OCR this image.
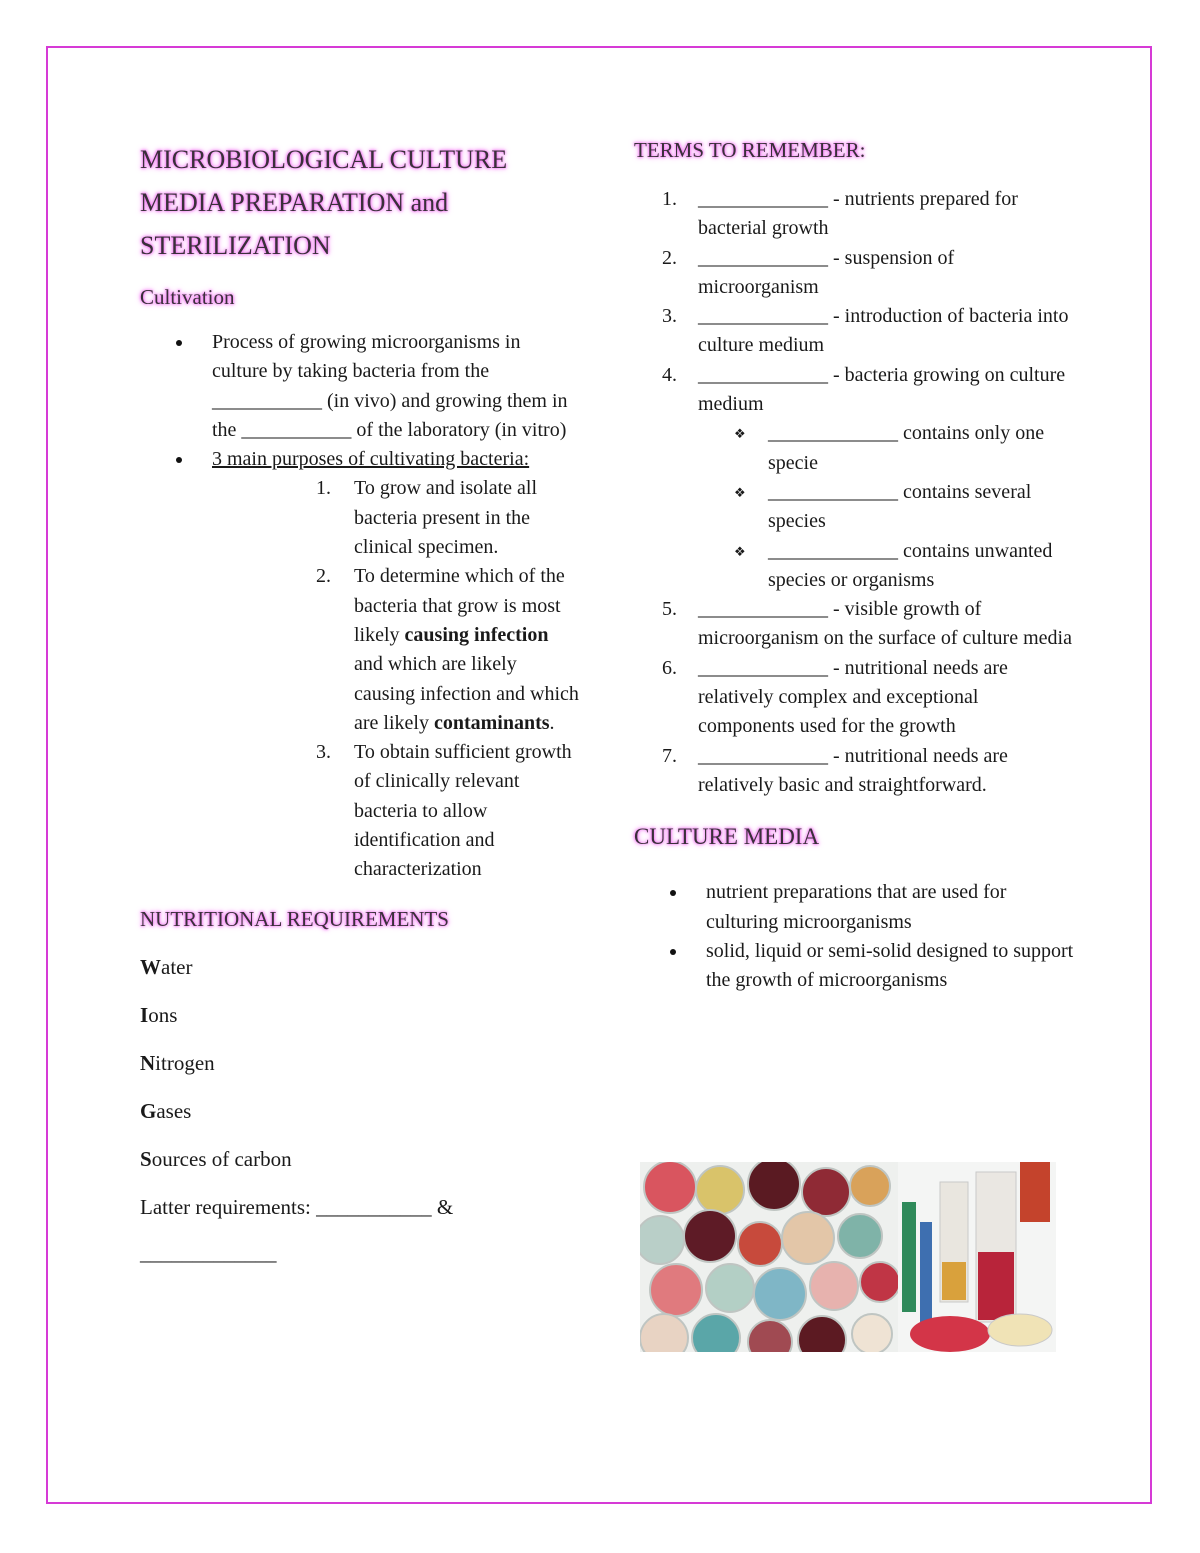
MICROBIOLOGICAL CULTURE
MEDIA PREPARATION and
STERILIZATION
Cultivation
Process of growing microorganisms in culture by taking bacteria from the ___________ (in vivo) and growing them in the ___________ of the laboratory (in vitro)
3 main purposes of cultivating bacteria:
1. To grow and isolate all bacteria present in the clinical specimen.
2. To determine which of the bacteria that grow is most likely causing infection and which are likely causing infection and which are likely contaminants.
3. To obtain sufficient growth of clinically relevant bacteria to allow identification and characterization
NUTRITIONAL REQUIREMENTS

Water

Ions

Nitrogen

Gases

Sources of carbon

Latter requirements: ___________ &

_____________

TERMS TO REMEMBER:
1. _____________ - nutrients prepared for bacterial growth
2. _____________ - suspension of microorganism
3. _____________ - introduction of bacteria into culture medium
4. _____________ - bacteria growing on culture medium
❖ _____________ contains only one specie
❖ _____________ contains several species
❖ _____________ contains unwanted species or organisms
5. _____________ - visible growth of microorganism on the surface of culture media
6. _____________ - nutritional needs are relatively complex and exceptional components used for the growth
7. _____________ - nutritional needs are relatively basic and straightforward.
CULTURE MEDIA
nutrient preparations that are used for culturing microorganisms
solid, liquid or semi-solid designed to support the growth of microorganisms
